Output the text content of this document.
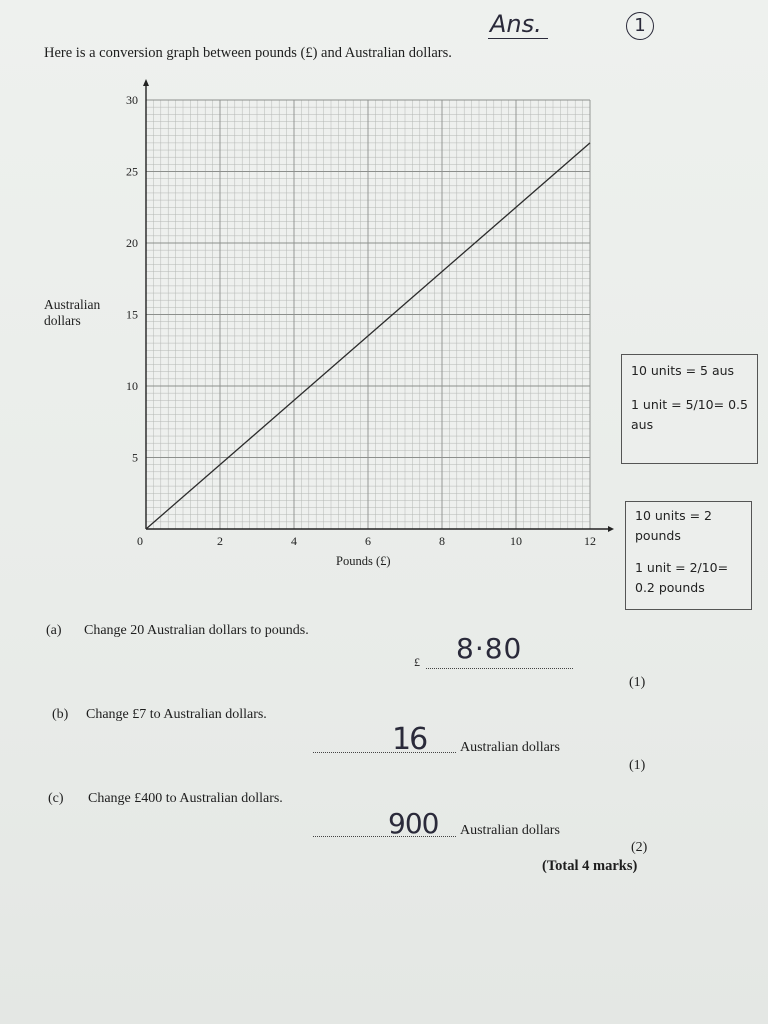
Ans.	1
Here is a conversion graph between pounds (£) and Australian dollars.
Australian dollars
0	2	4	6	8	10	12
5
10
15
20
25
30
Pounds (£)

10 units = 5 aus

1 unit = 5/10= 0.5 aus

10 units = 2 pounds

1 unit = 2/10= 0.2 pounds

(a) Change 20 Australian dollars to pounds.
£ 8·80
(1)
(b) Change £7 to Australian dollars.
16 Australian dollars
(1)
(c) Change £400 to Australian dollars.
900 Australian dollars
(2)
(Total 4 marks)
